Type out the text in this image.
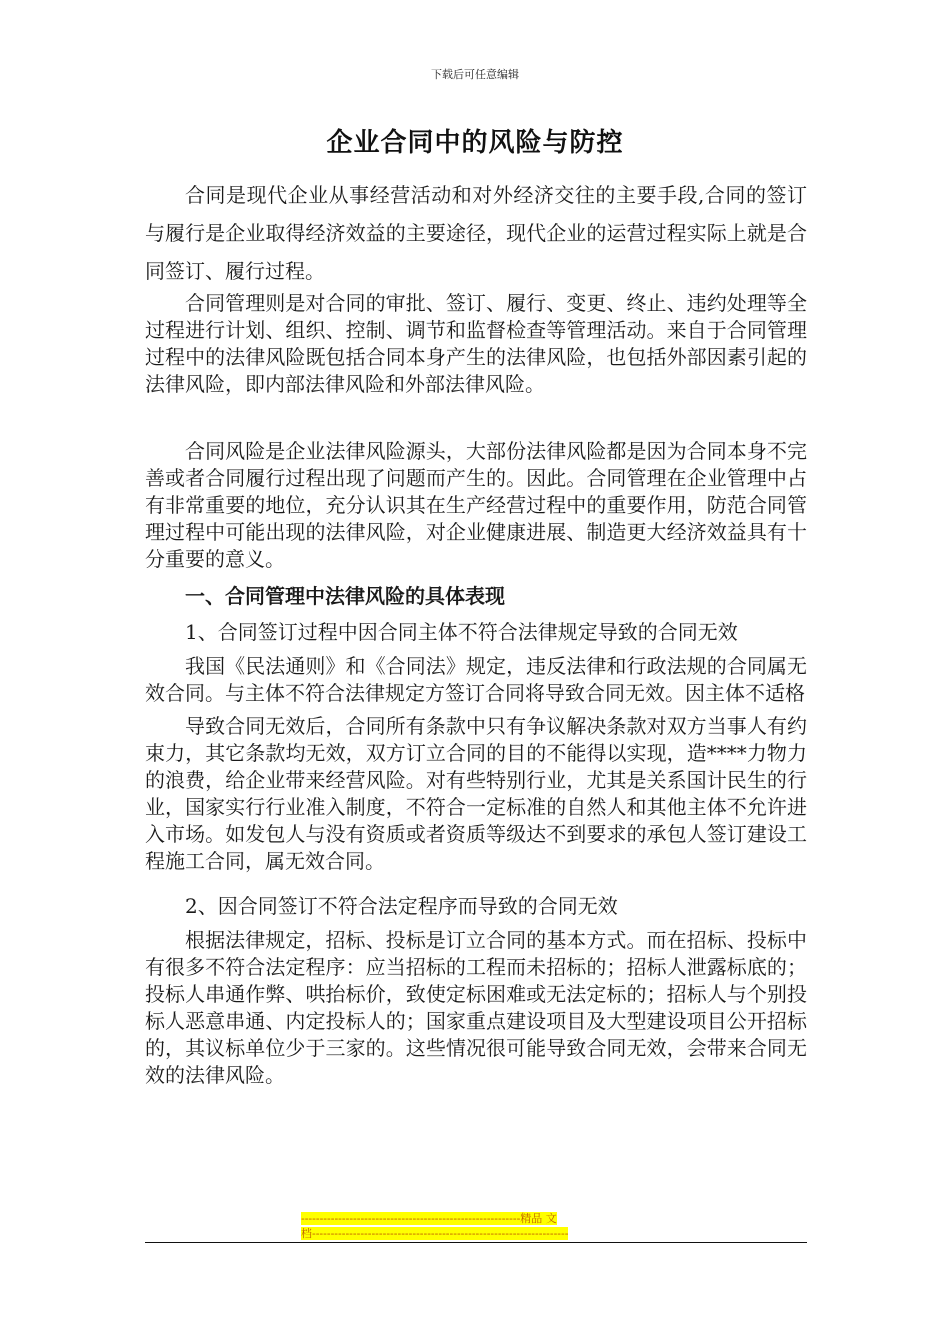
下载后可任意编辑
企业合同中的风险与防控

合同是现代企业从事经营活动和对外经济交往的主要手段,合同的签订与履行是企业取得经济效益的主要途径，现代企业的运营过程实际上就是合同签订、履行过程。

合同管理则是对合同的审批、签订、履行、变更、终止、违约处理等全过程进行计划、组织、控制、调节和监督检查等管理活动。来自于合同管理过程中的法律风险既包括合同本身产生的法律风险，也包括外部因素引起的法律风险，即内部法律风险和外部法律风险。

合同风险是企业法律风险源头，大部份法律风险都是因为合同本身不完善或者合同履行过程出现了问题而产生的。因此。合同管理在企业管理中占有非常重要的地位，充分认识其在生产经营过程中的重要作用，防范合同管理过程中可能出现的法律风险，对企业健康进展、制造更大经济效益具有十分重要的意义。

一、合同管理中法律风险的具体表现
1、合同签订过程中因合同主体不符合法律规定导致的合同无效

我国《民法通则》和《合同法》规定，违反法律和行政法规的合同属无效合同。与主体不符合法律规定方签订合同将导致合同无效。因主体不适格

导致合同无效后，合同所有条款中只有争议解决条款对双方当事人有约束力，其它条款均无效，双方订立合同的目的不能得以实现，造****力物力的浪费，给企业带来经营风险。对有些特别行业，尤其是关系国计民生的行业，国家实行行业准入制度，不符合一定标准的自然人和其他主体不允许进入市场。如发包人与没有资质或者资质等级达不到要求的承包人签订建设工程施工合同，属无效合同。

2、因合同签订不符合法定程序而导致的合同无效

根据法律规定，招标、投标是订立合同的基本方式。而在招标、投标中有很多不符合法定程序：应当招标的工程而未招标的；招标人泄露标底的；投标人串通作弊、哄抬标价，致使定标困难或无法定标的；招标人与个别投标人恶意串通、内定投标人的；国家重点建设项目及大型建设项目公开招标的，其议标单位少于三家的。这些情况很可能导致合同无效，会带来合同无效的法律风险。

-----------------------------------------------------------精品 文
档---------------------------------------------------------------------
